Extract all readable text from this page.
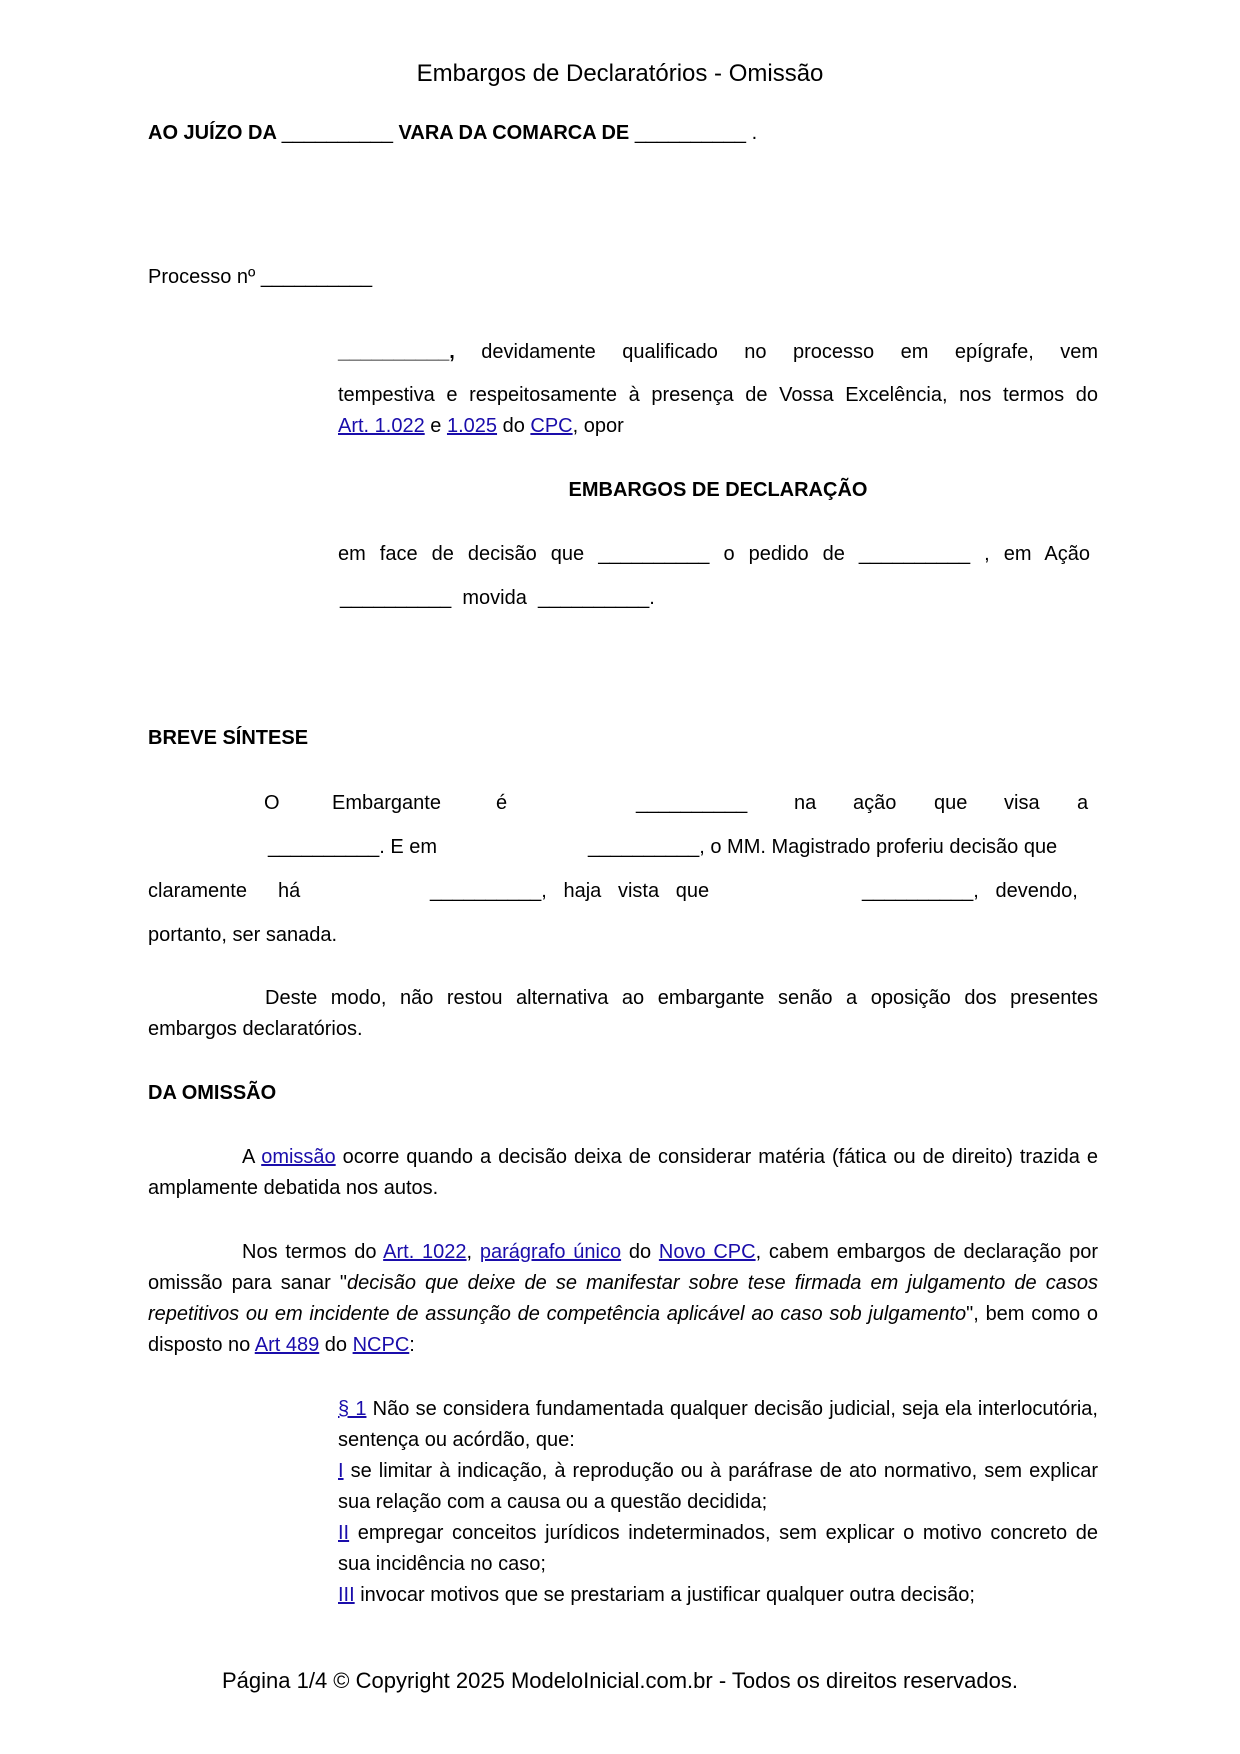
Embargos de Declaratórios - Omissão
AO JUÍZO DA __________ VARA DA COMARCA DE __________ .
Processo nº __________
__________, devidamente qualificado no processo em epígrafe, vem
tempestiva e respeitosamente à presença de Vossa Excelência, nos termos do
Art. 1.022 e 1.025 do CPC, opor
EMBARGOS DE DECLARAÇÃO
em face de decisão que __________ o pedido de __________ , em Ação
__________ movida __________.
BREVE SÍNTESE
O	Embargante	é	__________ na ação que visa a
__________. E em	__________, o MM. Magistrado proferiu decisão que
claramente há	__________,   haja   vista   que	__________,   devendo,
portanto, ser sanada.
Deste modo, não restou alternativa ao embargante senão a oposição dos presentes embargos declaratórios.
DA OMISSÃO
A omissão ocorre quando a decisão deixa de considerar matéria (fática ou de direito) trazida e amplamente debatida nos autos.
Nos termos do Art. 1022, parágrafo único do Novo CPC, cabem embargos de declaração por omissão para sanar "decisão que deixe de se manifestar sobre tese firmada em julgamento de casos repetitivos ou em incidente de assunção de competência aplicável ao caso sob julgamento", bem como o disposto no Art 489 do NCPC:
§ 1 Não se considera fundamentada qualquer decisão judicial, seja ela interlocutória, sentença ou acórdão, que:
I se limitar à indicação, à reprodução ou à paráfrase de ato normativo, sem explicar sua relação com a causa ou a questão decidida;
II empregar conceitos jurídicos indeterminados, sem explicar o motivo concreto de sua incidência no caso;
III invocar motivos que se prestariam a justificar qualquer outra decisão;
Página 1/4 © Copyright 2025 ModeloInicial.com.br - Todos os direitos reservados.
